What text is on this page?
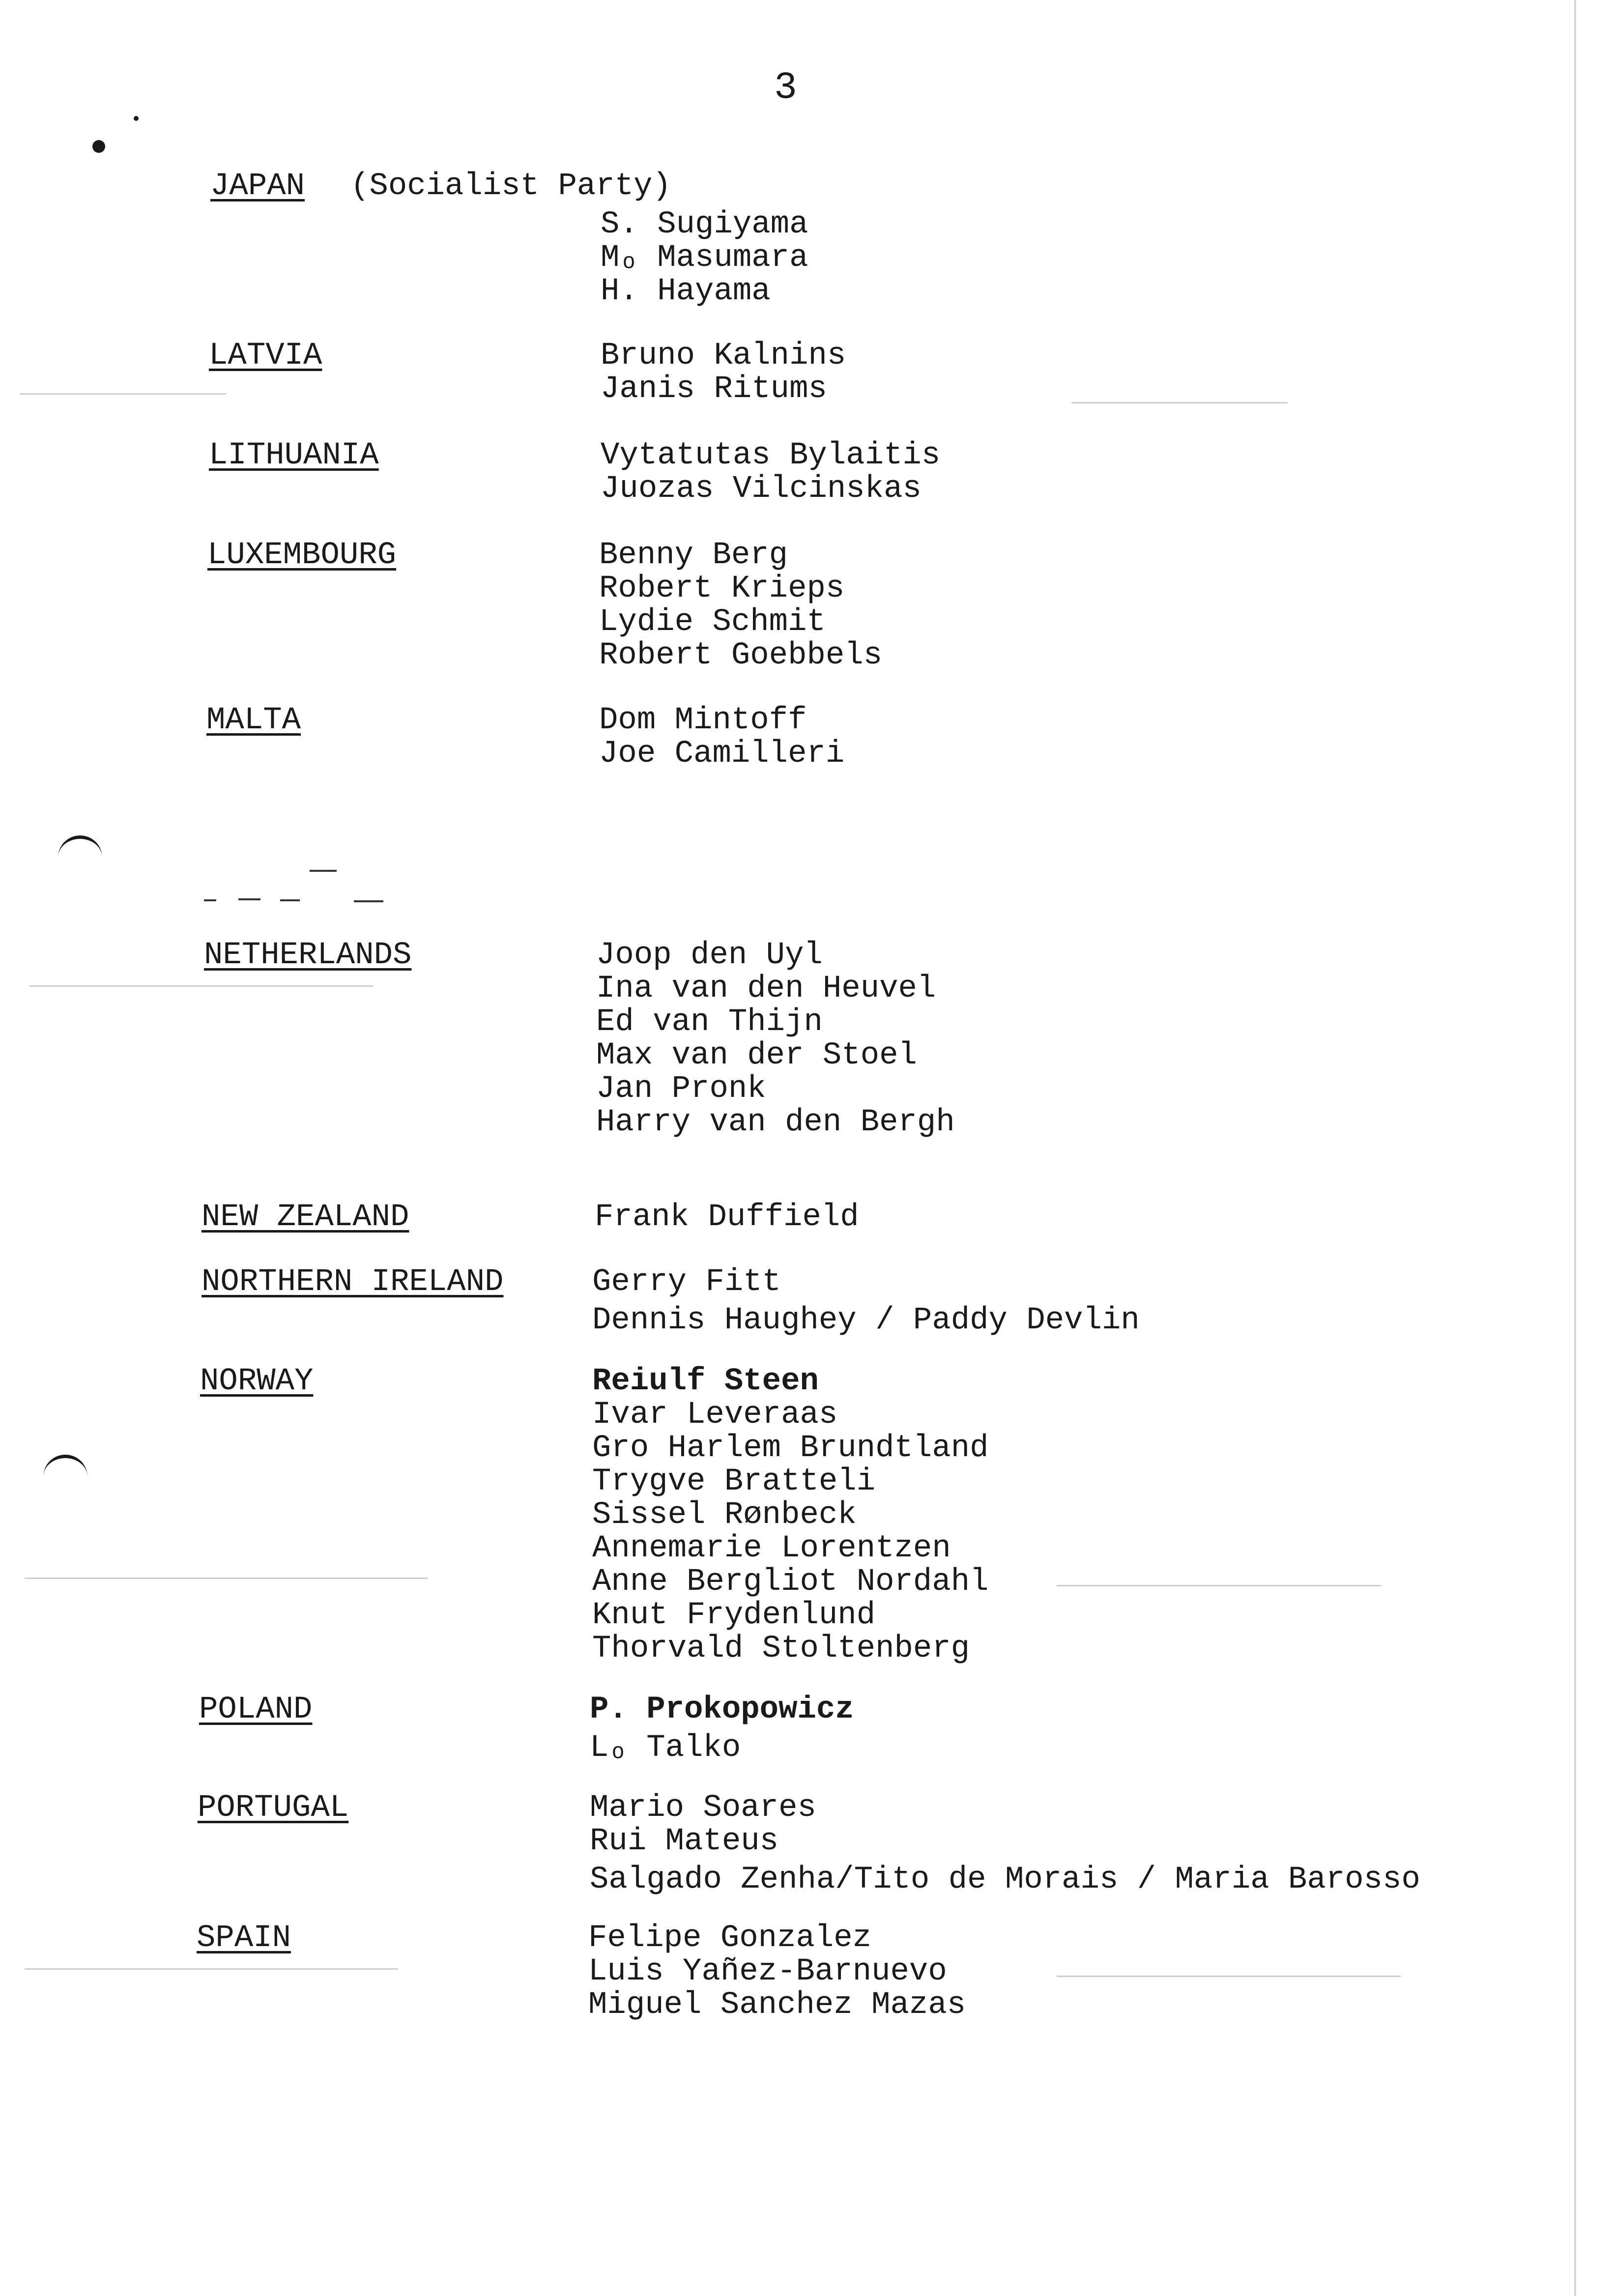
3
JAPAN (Socialist Party)
S. Sugiyama
Mₒ Masumara
H. Hayama
LATVIA	Bruno Kalnins
Janis Ritums
LITHUANIA	Vytatutas Bylaitis
Juozas Vilcinskas
LUXEMBOURG	Benny Berg
Robert Krieps
Lydie Schmit
Robert Goebbels
MALTA	Dom Mintoff
Joe Camilleri
NETHERLANDS	Joop den Uyl
Ina van den Heuvel
Ed van Thijn
Max van der Stoel
Jan Pronk
Harry van den Bergh
NEW ZEALAND	Frank Duffield
NORTHERN IRELAND	Gerry Fitt
Dennis Haughey / Paddy Devlin
NORWAY	Reiulf Steen
Ivar Leveraas
Gro Harlem Brundtland
Trygve Bratteli
Sissel Rønbeck
Annemarie Lorentzen
Anne Bergliot Nordahl
Knut Frydenlund
Thorvald Stoltenberg
POLAND	P. Prokopowicz
Lₒ Talko
PORTUGAL	Mario Soares
Rui Mateus
Salgado Zenha/Tito de Morais / Maria Barosso
SPAIN	Felipe Gonzalez
Luis Yañez-Barnuevo
Miguel Sanchez Mazas
